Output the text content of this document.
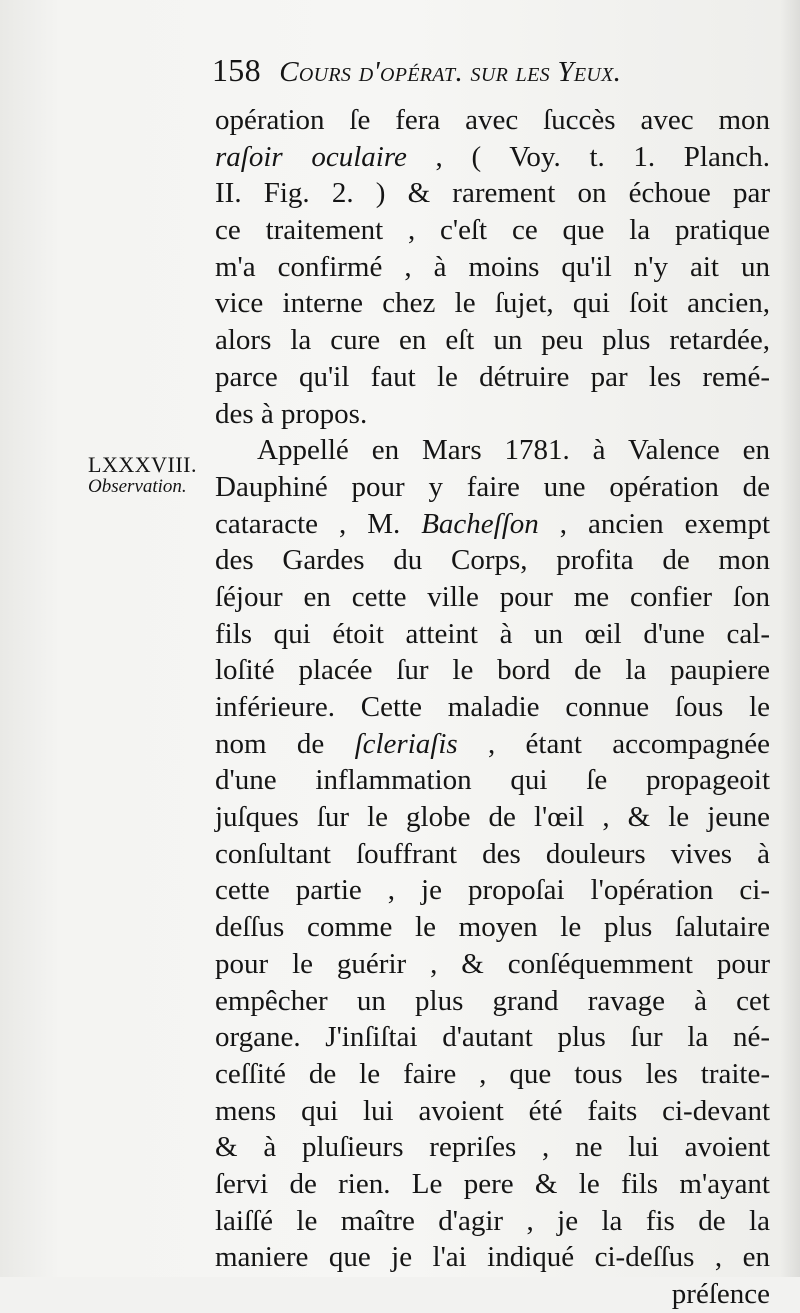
158 Cours d'opérat. sur les Yeux.
LXXXVIII.
Observation.
opération ſe fera avec ſuccès avec mon
raſoir oculaire , ( Voy. t. 1. Planch.
II. Fig. 2. ) & rarement on échoue par
ce traitement , c'eſt ce que la pratique
m'a confirmé , à moins qu'il n'y ait un
vice interne chez le ſujet, qui ſoit ancien,
alors la cure en eſt un peu plus retardée,
parce qu'il faut le détruire par les remé-
des à propos.
Appellé en Mars 1781. à Valence en
Dauphiné pour y faire une opération de
cataracte , M. Bacheſſon , ancien exempt
des Gardes du Corps, profita de mon
ſéjour en cette ville pour me confier ſon
fils qui étoit atteint à un œil d'une cal-
loſité placée ſur le bord de la paupiere
inférieure. Cette maladie connue ſous le
nom de ſcleriaſis , étant accompagnée
d'une inflammation qui ſe propageoit
juſques ſur le globe de l'œil , & le jeune
conſultant ſouffrant des douleurs vives à
cette partie , je propoſai l'opération ci-
deſſus comme le moyen le plus ſalutaire
pour le guérir , & conſéquemment pour
empêcher un plus grand ravage à cet
organe. J'inſiſtai d'autant plus ſur la né-
ceſſité de le faire , que tous les traite-
mens qui lui avoient été faits ci-devant
& à pluſieurs repriſes , ne lui avoient
ſervi de rien. Le pere & le fils m'ayant
laiſſé le maître d'agir , je la fis de la
maniere que je l'ai indiqué ci-deſſus , en
préſence
